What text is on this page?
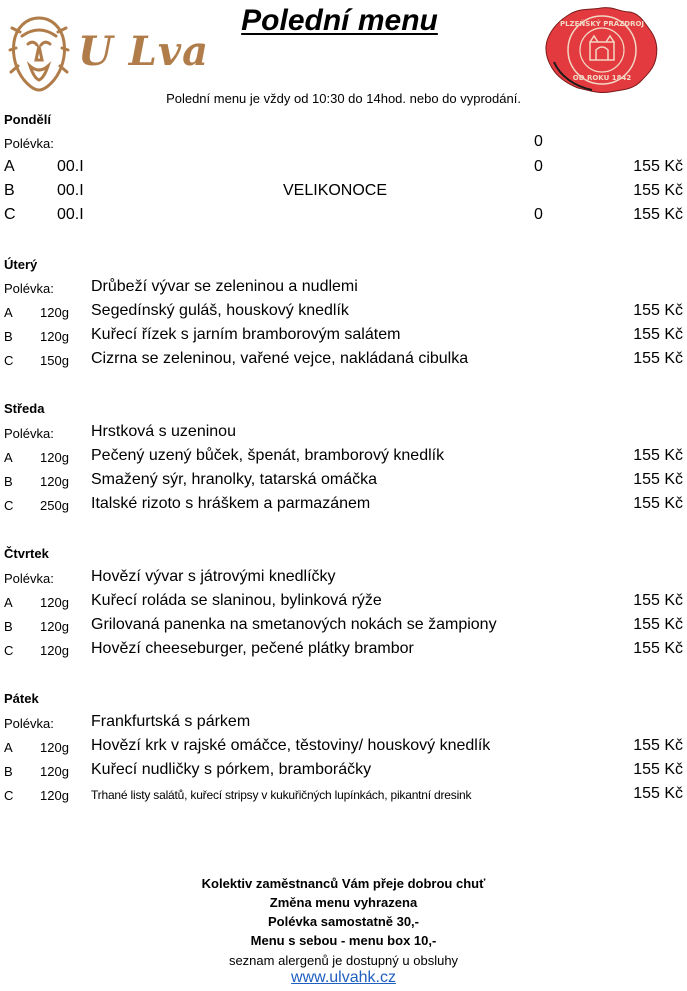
U Lva
Polední menu	PLZEŇSKÝ PRAZDROJ
OD ROKU 1842
Polední menu je vždy od 10:30 do 14hod. nebo do vyprodání.
Pondělí
Polévka:	0
A	00.I	0	155 Kč
B	00.I	VELIKONOCE	155 Kč
C	00.I	0	155 Kč
Úterý
Polévka: Drůbeží vývar se zeleninou a nudlemi
A 120g Segedínský guláš, houskový knedlík	155 Kč
B 120g Kuřecí řízek s jarním bramborovým salátem	155 Kč
C 150g Cizrna se zeleninou, vařené vejce, nakládaná cibulka	155 Kč
Středa
Polévka: Hrstková s uzeninou
A 120g Pečený uzený bůček, špenát, bramborový knedlík	155 Kč
B 120g Smažený sýr, hranolky, tatarská omáčka	155 Kč
C 250g Italské rizoto s hráškem a parmazánem	155 Kč
Čtvrtek
Polévka: Hovězí vývar s játrovými knedlíčky
A 120g Kuřecí roláda se slaninou, bylinková rýže	155 Kč
B 120g Grilovaná panenka na smetanových nokách se žampiony	155 Kč
C 120g Hovězí cheeseburger, pečené plátky brambor	155 Kč
Pátek
Polévka: Frankfurtská s párkem
A 120g Hovězí krk v rajské omáčce, těstoviny/ houskový knedlík	155 Kč
B 120g Kuřecí nudličky s pórkem, bramboráčky	155 Kč
C 120g Trhané listy salátů, kuřecí stripsy v kukuřičných lupínkách, pikantní dresink	155 Kč
Kolektiv zaměstnanců Vám přeje dobrou chuť
Změna menu vyhrazena
Polévka samostatně 30,-
Menu s sebou - menu box 10,-
seznam alergenů je dostupný u obsluhy
www.ulvahk.cz
